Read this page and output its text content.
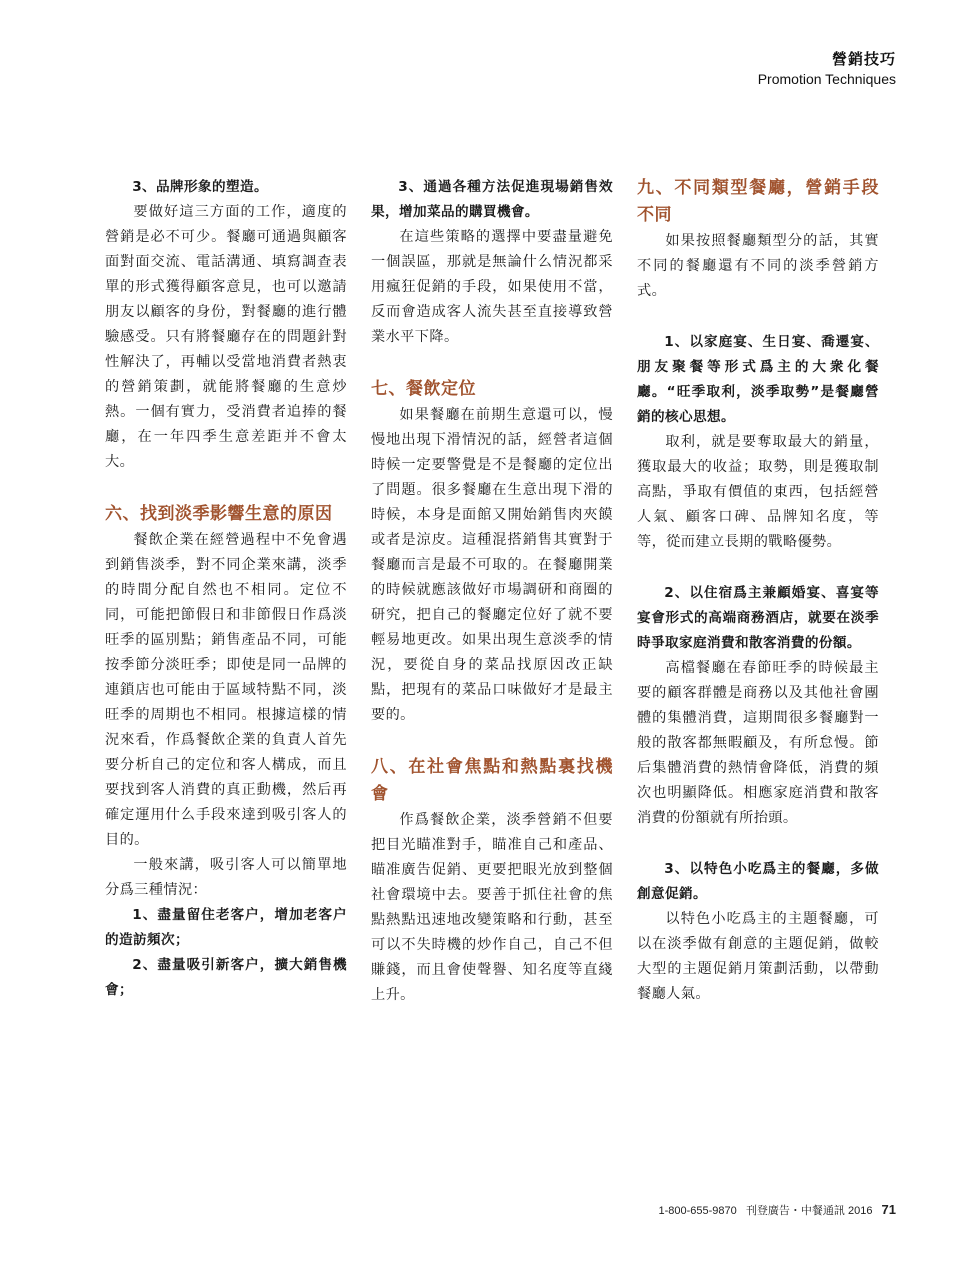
營銷技巧
Promotion Techniques

3、品牌形象的塑造。

要做好這三方面的工作，適度的營銷是必不可少。餐廳可通過與顧客面對面交流、電話溝通、填寫調查表單的形式獲得顧客意見，也可以邀請朋友以顧客的身份，對餐廳的進行體驗感受。只有將餐廳存在的問題針對性解決了，再輔以受當地消費者熱衷的營銷策劃，就能將餐廳的生意炒熱。一個有實力，受消費者追捧的餐廳，在一年四季生意差距并不會太大。

六、找到淡季影響生意的原因

餐飲企業在經營過程中不免會遇到銷售淡季，對不同企業來講，淡季的時間分配自然也不相同。定位不同，可能把節假日和非節假日作爲淡旺季的區別點；銷售產品不同，可能按季節分淡旺季；即使是同一品牌的連鎖店也可能由于區域特點不同，淡旺季的周期也不相同。根據這樣的情況來看，作爲餐飲企業的負責人首先要分析自己的定位和客人構成，而且要找到客人消費的真正動機，然后再確定運用什么手段來達到吸引客人的目的。

一般來講，吸引客人可以簡單地分爲三種情況：

1、盡量留住老客户，增加老客户的造訪頻次；

2、盡量吸引新客户，擴大銷售機會；

3、通過各種方法促進現場銷售效果，增加菜品的購買機會。

在這些策略的選擇中要盡量避免一個誤區，那就是無論什么情況都采用瘋狂促銷的手段，如果使用不當，反而會造成客人流失甚至直接導致營業水平下降。

七、餐飲定位

如果餐廳在前期生意還可以，慢慢地出現下滑情況的話，經營者這個時候一定要警覺是不是餐廳的定位出了問題。很多餐廳在生意出現下滑的時候，本身是面館又開始銷售肉夾饃或者是涼皮。這種混搭銷售其實對于餐廳而言是最不可取的。在餐廳開業的時候就應該做好市場調研和商圈的研究，把自己的餐廳定位好了就不要輕易地更改。如果出現生意淡季的情況，要從自身的菜品找原因改正缺點，把現有的菜品口味做好才是最主要的。

八、在社會焦點和熱點裏找機會

作爲餐飲企業，淡季營銷不但要把目光瞄准對手，瞄准自己和產品、瞄准廣告促銷、更要把眼光放到整個社會環境中去。要善于抓住社會的焦點熱點迅速地改變策略和行動，甚至可以不失時機的炒作自己，自己不但賺錢，而且會使聲譽、知名度等直綫上升。

九、不同類型餐廳，營銷手段不同

如果按照餐廳類型分的話，其實不同的餐廳還有不同的淡季營銷方式。

1、以家庭宴、生日宴、喬遷宴、朋友聚餐等形式爲主的大衆化餐廳。“旺季取利，淡季取勢”是餐廳營銷的核心思想。

取利，就是要奪取最大的銷量，獲取最大的收益；取勢，則是獲取制高點，爭取有價值的東西，包括經營人氣、顧客口碑、品牌知名度，等等，從而建立長期的戰略優勢。

2、以住宿爲主兼顧婚宴、喜宴等宴會形式的高端商務酒店，就要在淡季時爭取家庭消費和散客消費的份額。

高檔餐廳在春節旺季的時候最主要的顧客群體是商務以及其他社會團體的集體消費，這期間很多餐廳對一般的散客都無暇顧及，有所怠慢。節后集體消費的熱情會降低，消費的頻次也明顯降低。相應家庭消費和散客消費的份額就有所抬頭。

3、以特色小吃爲主的餐廳，多做創意促銷。

以特色小吃爲主的主題餐廳，可以在淡季做有創意的主題促銷，做較大型的主題促銷月策劃活動，以帶動餐廳人氣。

1-800-655-9870 刊登廣告・中餐通訊 2016 71
